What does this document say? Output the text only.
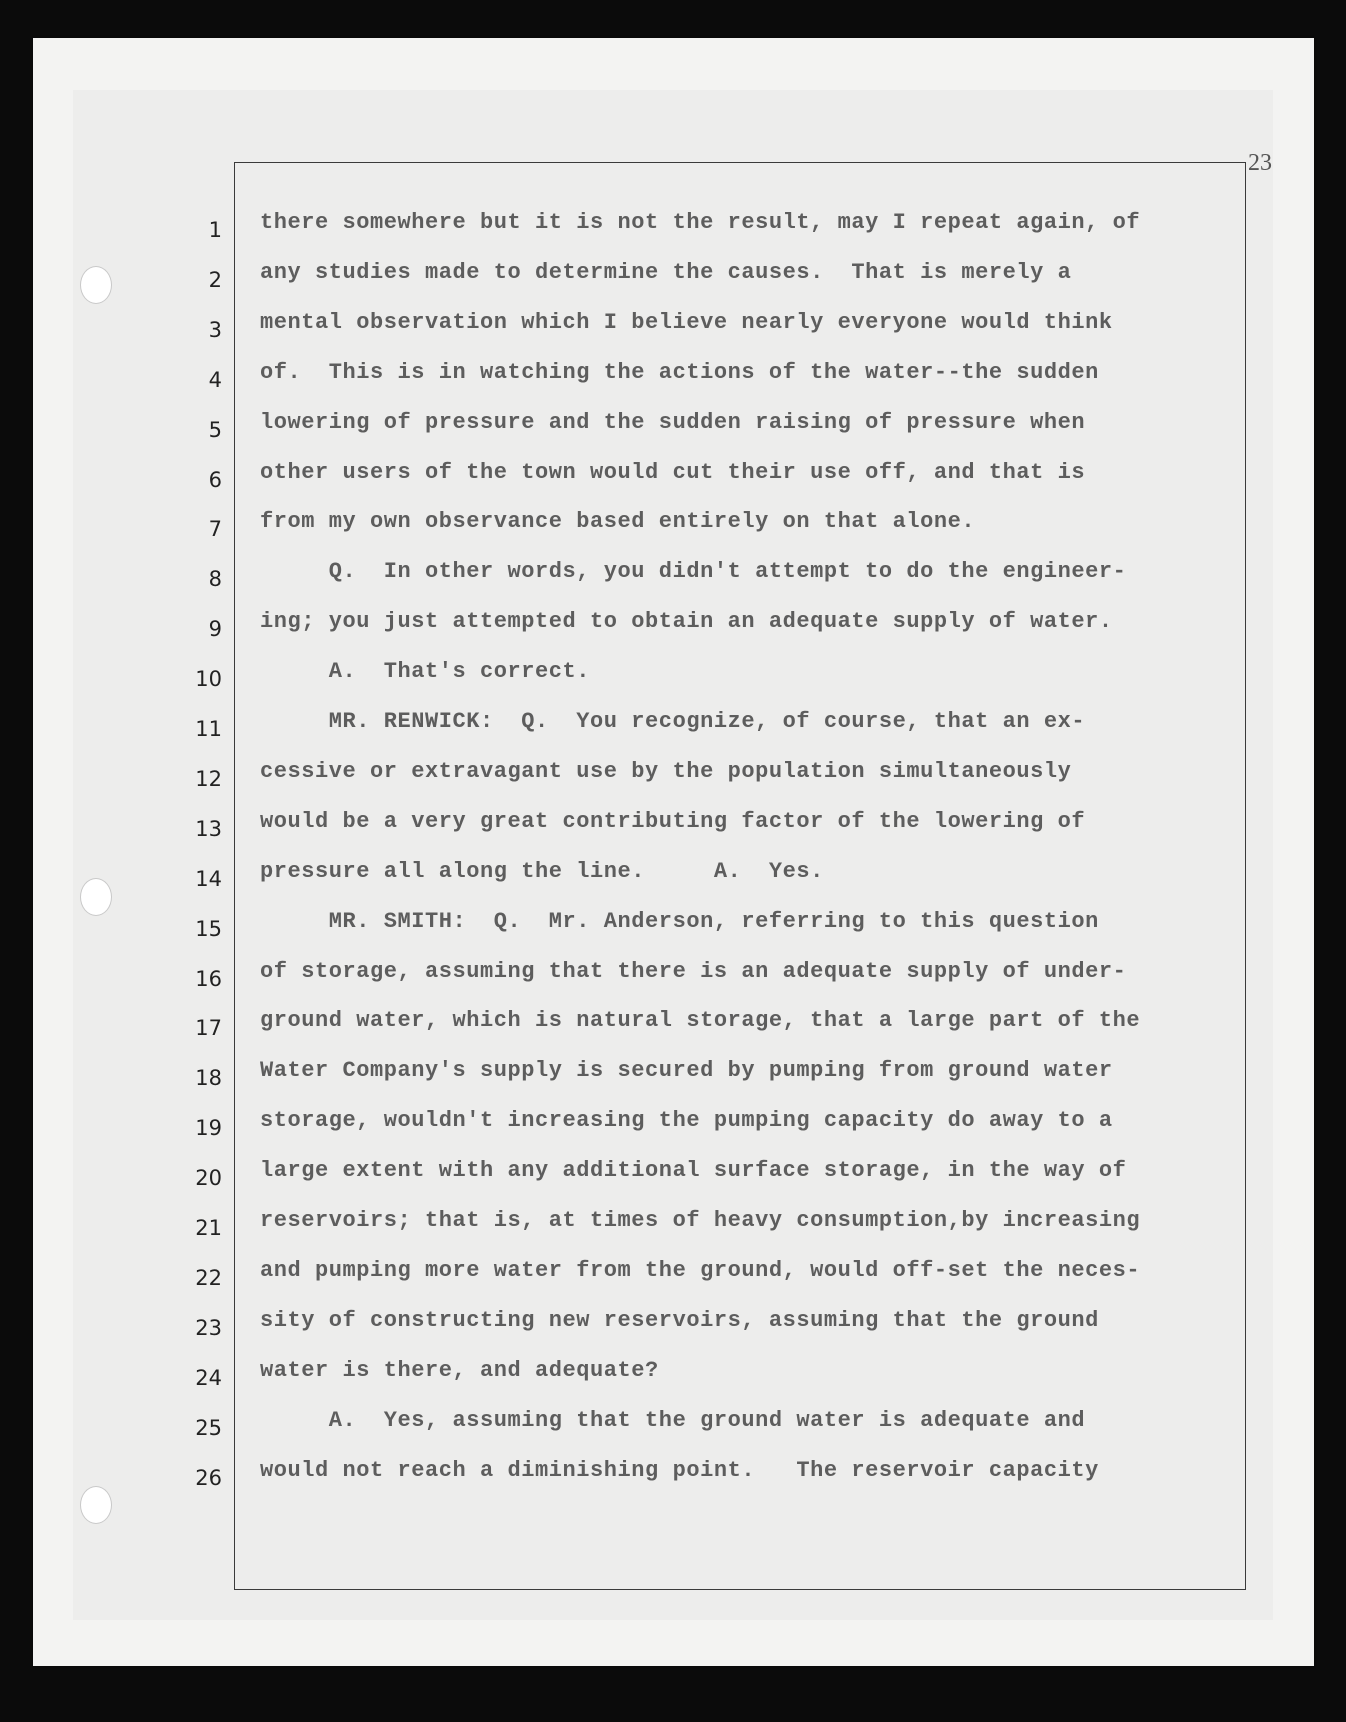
23
1 there somewhere but it is not the result, may I repeat again, of
2 any studies made to determine the causes.  That is merely a
3 mental observation which I believe nearly everyone would think
4 of.  This is in watching the actions of the water--the sudden
5 lowering of pressure and the sudden raising of pressure when
6 other users of the town would cut their use off, and that is
7 from my own observance based entirely on that alone.
8 Q.  In other words, you didn't attempt to do the engineer-
9 ing; you just attempted to obtain an adequate supply of water.
10 A.  That's correct.
11 MR. RENWICK:  Q.  You recognize, of course, that an ex-
12 cessive or extravagant use by the population simultaneously
13 would be a very great contributing factor of the lowering of
14 pressure all along the line.     A.  Yes.
15 MR. SMITH:  Q.  Mr. Anderson, referring to this question
16 of storage, assuming that there is an adequate supply of under-
17 ground water, which is natural storage, that a large part of the
18 Water Company's supply is secured by pumping from ground water
19 storage, wouldn't increasing the pumping capacity do away to a
20 large extent with any additional surface storage, in the way of
21 reservoirs; that is, at times of heavy consumption,by increasing
22 and pumping more water from the ground, would off-set the neces-
23 sity of constructing new reservoirs, assuming that the ground
24 water is there, and adequate?
25 A.  Yes, assuming that the ground water is adequate and
26 would not reach a diminishing point.   The reservoir capacity
